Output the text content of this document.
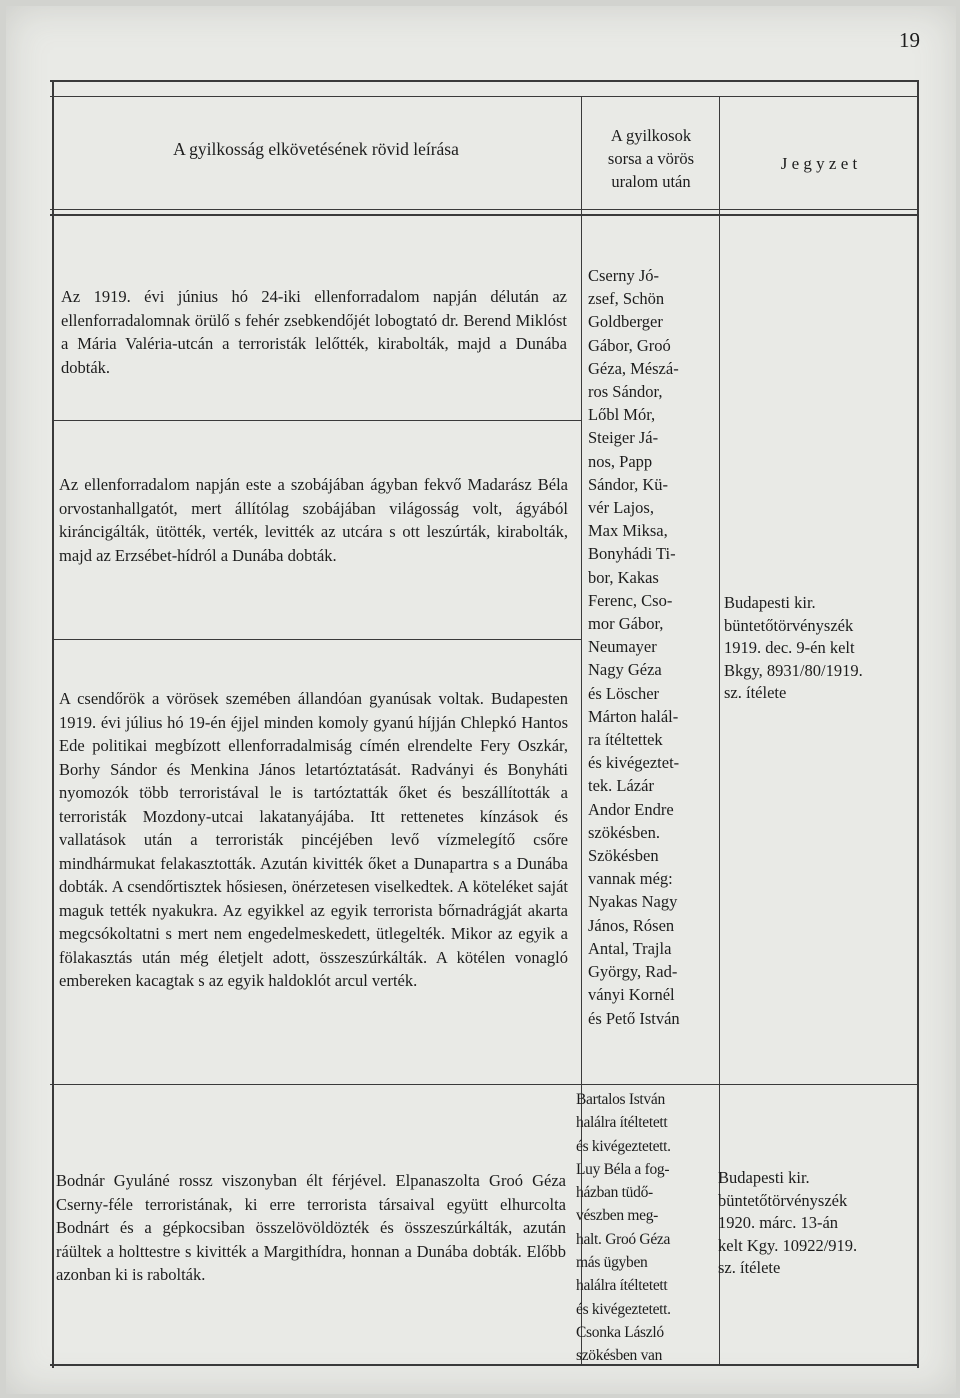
19
A gyilkosság elkövetésének rövid leírása
A gyilkosok
sorsa a vörös
uralom után
J e g y z e t
Az 1919. évi június hó 24-iki ellenforradalom napján délután az ellenforradalomnak örülő s fehér zsebkendőjét lobogtató dr. Berend Miklóst a Mária Valéria-utcán a terroristák lelőtték, kirabolták, majd a Dunába dobták.
Az ellenforradalom napján este a szobájában ágyban fekvő Madarász Béla orvostanhallgatót, mert állítólag szobájában világosság volt, ágyából kiráncigálták, ütötték, verték, levitték az utcára s ott leszúrták, kirabolták, majd az Erzsébet-hídról a Dunába dobták.
A csendőrök a vörösek szemében állandóan gyanúsak voltak. Budapesten 1919. évi július hó 19-én éjjel minden komoly gyanú híjján Chlepkó Hantos Ede politikai megbízott ellenforradalmiság címén elrendelte Fery Oszkár, Borhy Sándor és Menkina János letartóztatását. Radványi és Bonyháti nyomozók több terroristával le is tartóztatták őket és beszállították a terroristák Mozdony-utcai lakatanyájába. Itt rettenetes kínzások és vallatások után a terroristák pincéjében levő vízmelegítő csőre mindhármukat felakasztották. Azután kivitték őket a Dunapartra s a Dunába dobták. A csendőrtisztek hősiesen, önérzetesen viselkedtek. A köteléket saját maguk tették nyakukra. Az egyikkel az egyik terrorista bőrnadrágját akarta megcsókoltatni s mert nem engedelmeskedett, ütlegelték. Mikor az egyik a fölakasztás után még életjelt adott, összeszúrkálták. A kötélen vonagló embereken kacagtak s az egyik haldoklót arcul verték.
Cserny Jó-
zsef, Schön
Goldberger
Gábor, Groó
Géza, Mészá-
ros Sándor,
Lőbl Mór,
Steiger Já-
nos, Papp
Sándor, Kü-
vér Lajos,
Max Miksa,
Bonyhádi Ti-
bor, Kakas
Ferenc, Cso-
mor Gábor,
Neumayer
Nagy Géza
és Löscher
Márton halál-
ra ítéltettek
és kivégeztet-
tek. Lázár
Andor Endre
szökésben.
Szökésben
vannak még:
Nyakas Nagy
János, Rósen
Antal, Trajla
György, Rad-
ványi Kornél
és Pető István
Budapesti kir.
büntetőtörvényszék
1919. dec. 9-én kelt
Bkgy, 8931/80/1919.
sz. ítélete
Bodnár Gyuláné rossz viszonyban élt férjével. Elpanaszolta Groó Géza Cserny-féle terroristának, ki erre terrorista társaival együtt elhurcolta Bodnárt és a gépkocsiban összelövöldözték és összeszúrkálták, azután ráültek a holttestre s kivitték a Margithídra, honnan a Dunába dobták. Előbb azonban ki is rabolták.
Bartalos István
halálra ítéltetett
és kivégeztetett.
Luy Béla a fog-
házban tüdő-
vészben meg-
halt. Groó Géza
más ügyben
halálra ítéltetett
és kivégeztetett.
Csonka László
szökésben van
Budapesti kir.
büntetőtörvényszék
1920. márc. 13-án
kelt Kgy. 10922/919.
sz. ítélete
